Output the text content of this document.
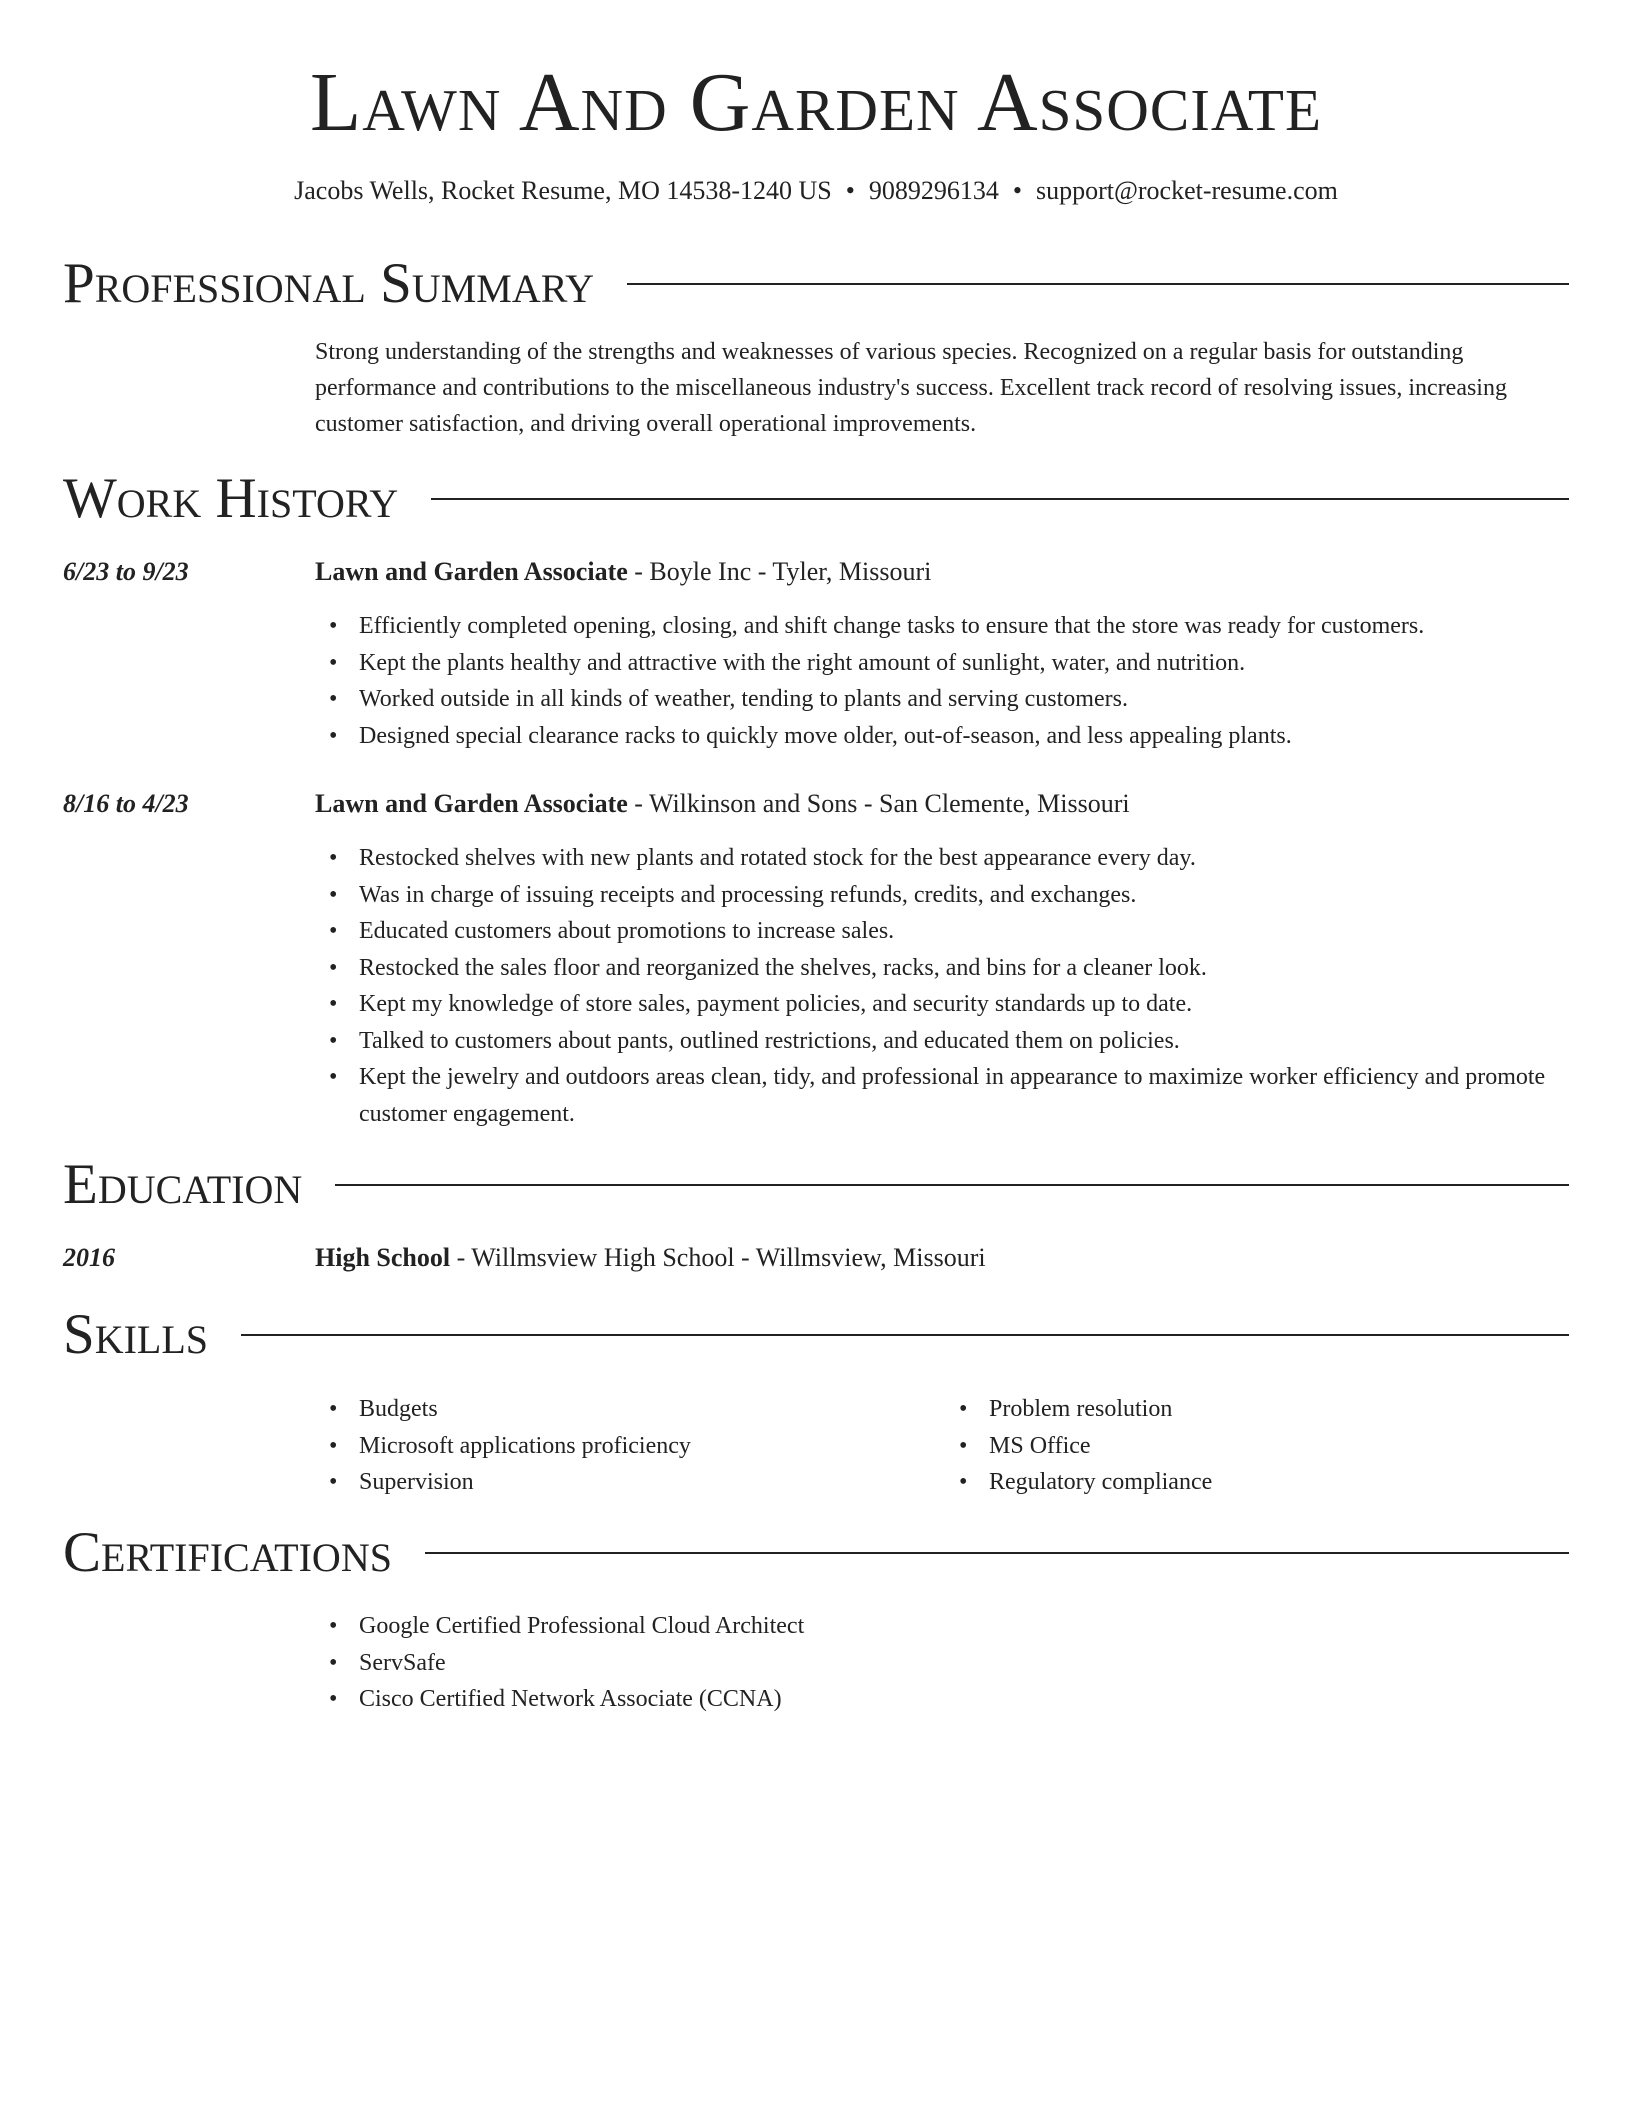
Lawn And Garden Associate
Jacobs Wells, Rocket Resume, MO 14538-1240 US • 9089296134 • support@rocket-resume.com
Professional Summary

Strong understanding of the strengths and weaknesses of various species. Recognized on a regular basis for outstanding performance and contributions to the miscellaneous industry's success. Excellent track record of resolving issues, increasing customer satisfaction, and driving overall operational improvements.

Work History
6/23 to 9/23	Lawn and Garden Associate - Boyle Inc - Tyler, Missouri
• Efficiently completed opening, closing, and shift change tasks to ensure that the store was ready for customers.
• Kept the plants healthy and attractive with the right amount of sunlight, water, and nutrition.
• Worked outside in all kinds of weather, tending to plants and serving customers.
• Designed special clearance racks to quickly move older, out-of-season, and less appealing plants.
8/16 to 4/23	Lawn and Garden Associate - Wilkinson and Sons - San Clemente, Missouri
• Restocked shelves with new plants and rotated stock for the best appearance every day.
• Was in charge of issuing receipts and processing refunds, credits, and exchanges.
• Educated customers about promotions to increase sales.
• Restocked the sales floor and reorganized the shelves, racks, and bins for a cleaner look.
• Kept my knowledge of store sales, payment policies, and security standards up to date.
• Talked to customers about pants, outlined restrictions, and educated them on policies.
• Kept the jewelry and outdoors areas clean, tidy, and professional in appearance to maximize worker efficiency and promote customer engagement.
Education
2016	High School - Willmsview High School - Willmsview, Missouri
Skills
• Budgets
• Microsoft applications proficiency
• Supervision
• Problem resolution
• MS Office
• Regulatory compliance
Certifications
• Google Certified Professional Cloud Architect
• ServSafe
• Cisco Certified Network Associate (CCNA)
